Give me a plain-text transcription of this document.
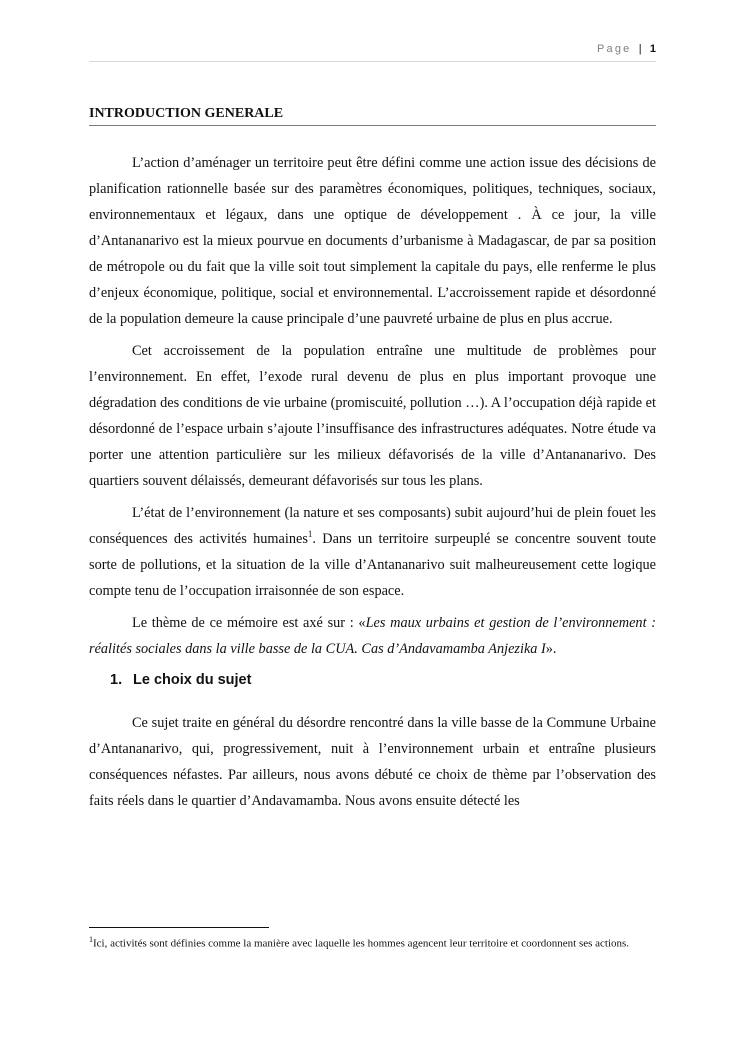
Page | 1
INTRODUCTION GENERALE

L’action d’aménager un territoire peut être défini comme une action issue des décisions de planification rationnelle basée sur des paramètres économiques, politiques, techniques, sociaux, environnementaux et légaux, dans une optique de développement . À ce jour, la ville d’Antananarivo est la mieux pourvue en documents d’urbanisme à Madagascar, de par sa position de métropole ou du fait que la ville soit tout simplement la capitale du pays, elle renferme le plus d’enjeux économique, politique, social et environnemental. L’accroissement rapide et désordonné de la population demeure la cause principale d’une pauvreté urbaine de plus en plus accrue.

Cet accroissement de la population entraîne une multitude de problèmes pour l’environnement. En effet, l’exode rural devenu de plus en plus important provoque une dégradation des conditions de vie urbaine (promiscuité, pollution …). A l’occupation déjà rapide et désordonné de l’espace urbain s’ajoute l’insuffisance des infrastructures adéquates. Notre étude va porter une attention particulière sur les milieux défavorisés de la ville d’Antananarivo. Des quartiers souvent délaissés, demeurant défavorisés sur tous les plans.

L’état de l’environnement (la nature et ses composants) subit aujourd’hui de plein fouet les conséquences des activités humaines$^1$. Dans un territoire surpeuplé se concentre souvent toute sorte de pollutions, et la situation de la ville d’Antananarivo suit malheureusement cette logique compte tenu de l’occupation irraisonnée de son espace.

Le thème de ce mémoire est axé sur : «Les maux urbains et gestion de l’environnement : réalités sociales dans la ville basse de la CUA. Cas d’Andavamamba Anjezika I».

1. Le choix du sujet

Ce sujet traite en général du désordre rencontré dans la ville basse de la Commune Urbaine d’Antananarivo, qui, progressivement, nuit à l’environnement urbain et entraîne plusieurs conséquences néfastes. Par ailleurs, nous avons débuté ce choix de thème par l’observation des faits réels dans le quartier d’Andavamamba. Nous avons ensuite détecté les

$^1$Ici, activités sont définies comme la manière avec laquelle les hommes agencent leur territoire et coordonnent ses actions.
